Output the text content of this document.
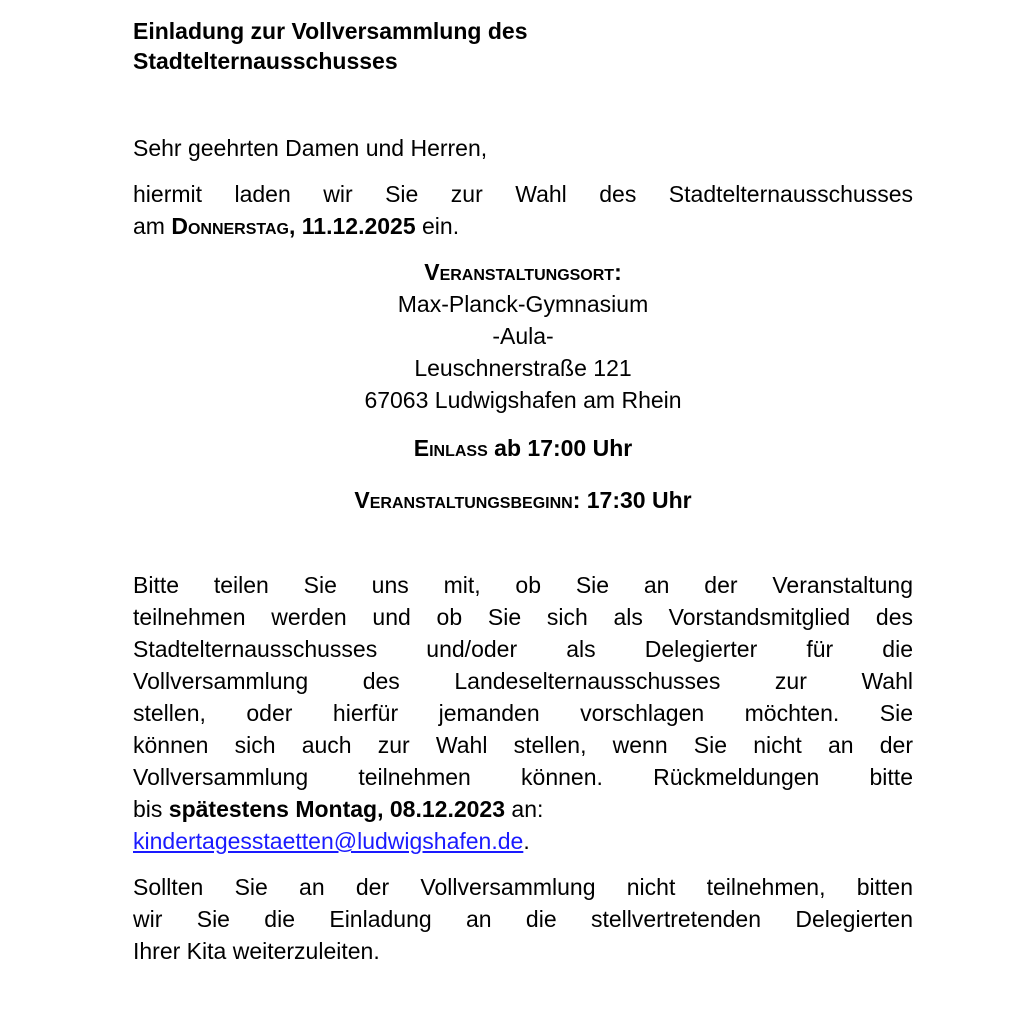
Einladung zur Vollversammlung des
Stadtelternausschusses

Sehr geehrten Damen und Herren,

hiermit laden wir Sie zur Wahl des Stadtelternausschusses
am Donnerstag, 11.12.2025 ein.

Veranstaltungsort:
Max-Planck-Gymnasium
-Aula-
Leuschnerstraße 121
67063 Ludwigshafen am Rhein
Einlass ab 17:00 Uhr
Veranstaltungsbeginn: 17:30 Uhr

Bitte teilen Sie uns mit, ob Sie an der Veranstaltung
teilnehmen werden und ob Sie sich als Vorstandsmitglied des
Stadtelternausschusses und/oder als Delegierter für die
Vollversammlung des Landeselternausschusses zur Wahl
stellen, oder hierfür jemanden vorschlagen möchten. Sie
können sich auch zur Wahl stellen, wenn Sie nicht an der
Vollversammlung teilnehmen können. Rückmeldungen bitte
bis spätestens Montag, 08.12.2023 an:
kindertagesstaetten@ludwigshafen.de.

Sollten Sie an der Vollversammlung nicht teilnehmen, bitten
wir Sie die Einladung an die stellvertretenden Delegierten
Ihrer Kita weiterzuleiten.
